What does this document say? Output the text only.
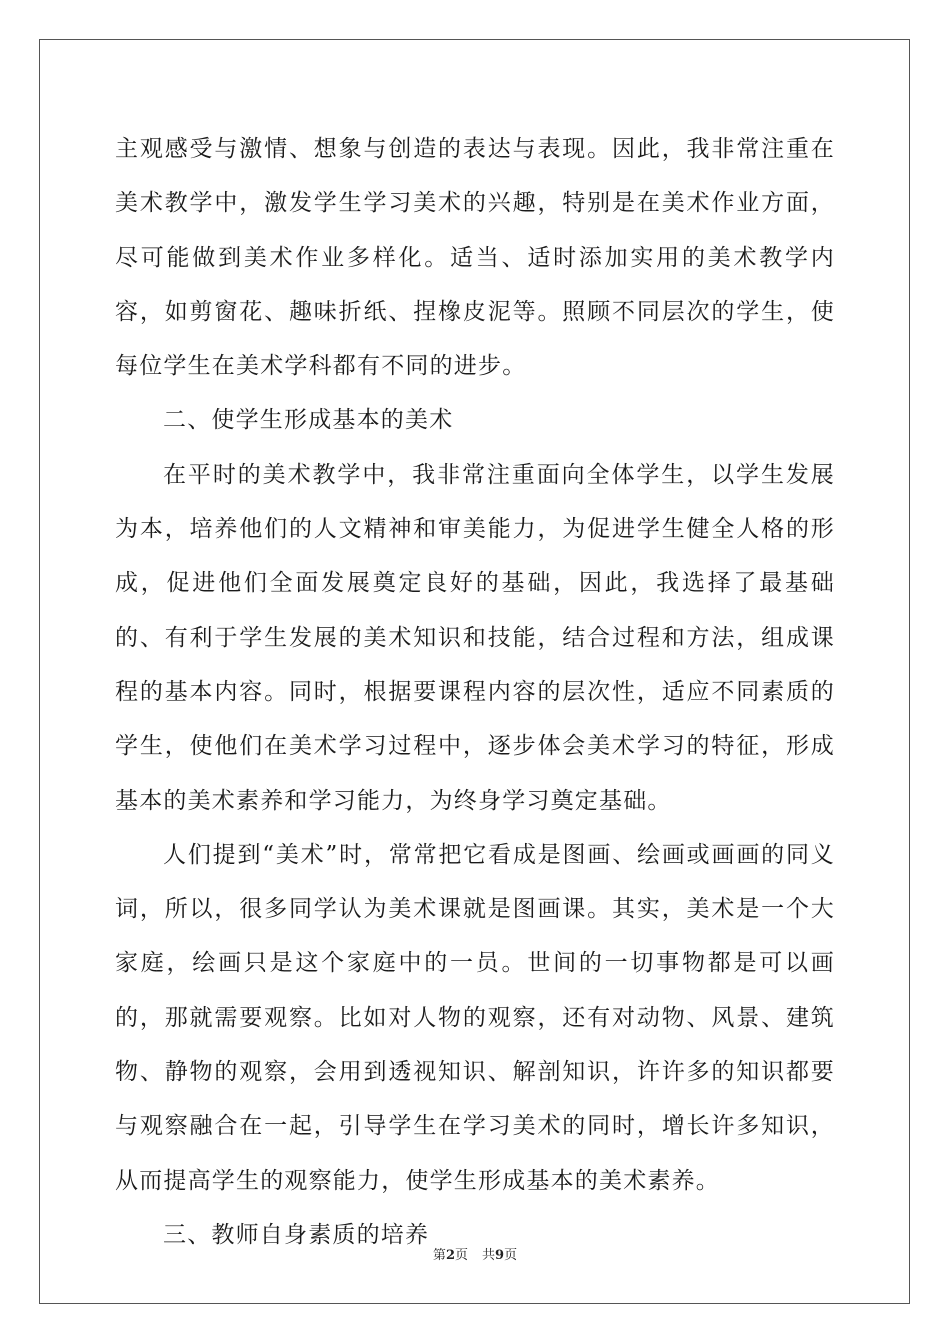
主观感受与激情、想象与创造的表达与表现。因此，我非常注重在美术教学中，激发学生学习美术的兴趣，特别是在美术作业方面，尽可能做到美术作业多样化。适当、适时添加实用的美术教学内容，如剪窗花、趣味折纸、捏橡皮泥等。照顾不同层次的学生，使每位学生在美术学科都有不同的进步。

二、使学生形成基本的美术

在平时的美术教学中，我非常注重面向全体学生，以学生发展为本，培养他们的人文精神和审美能力，为促进学生健全人格的形成，促进他们全面发展奠定良好的基础，因此，我选择了最基础的、有利于学生发展的美术知识和技能，结合过程和方法，组成课程的基本内容。同时，根据要课程内容的层次性，适应不同素质的学生，使他们在美术学习过程中，逐步体会美术学习的特征，形成基本的美术素养和学习能力，为终身学习奠定基础。

人们提到“美术”时，常常把它看成是图画、绘画或画画的同义词，所以，很多同学认为美术课就是图画课。其实，美术是一个大家庭，绘画只是这个家庭中的一员。世间的一切事物都是可以画的，那就需要观察。比如对人物的观察，还有对动物、风景、建筑物、静物的观察，会用到透视知识、解剖知识，许许多的知识都要与观察融合在一起，引导学生在学习美术的同时，增长许多知识，从而提高学生的观察能力，使学生形成基本的美术素养。

三、教师自身素质的培养

第2页 共9页
